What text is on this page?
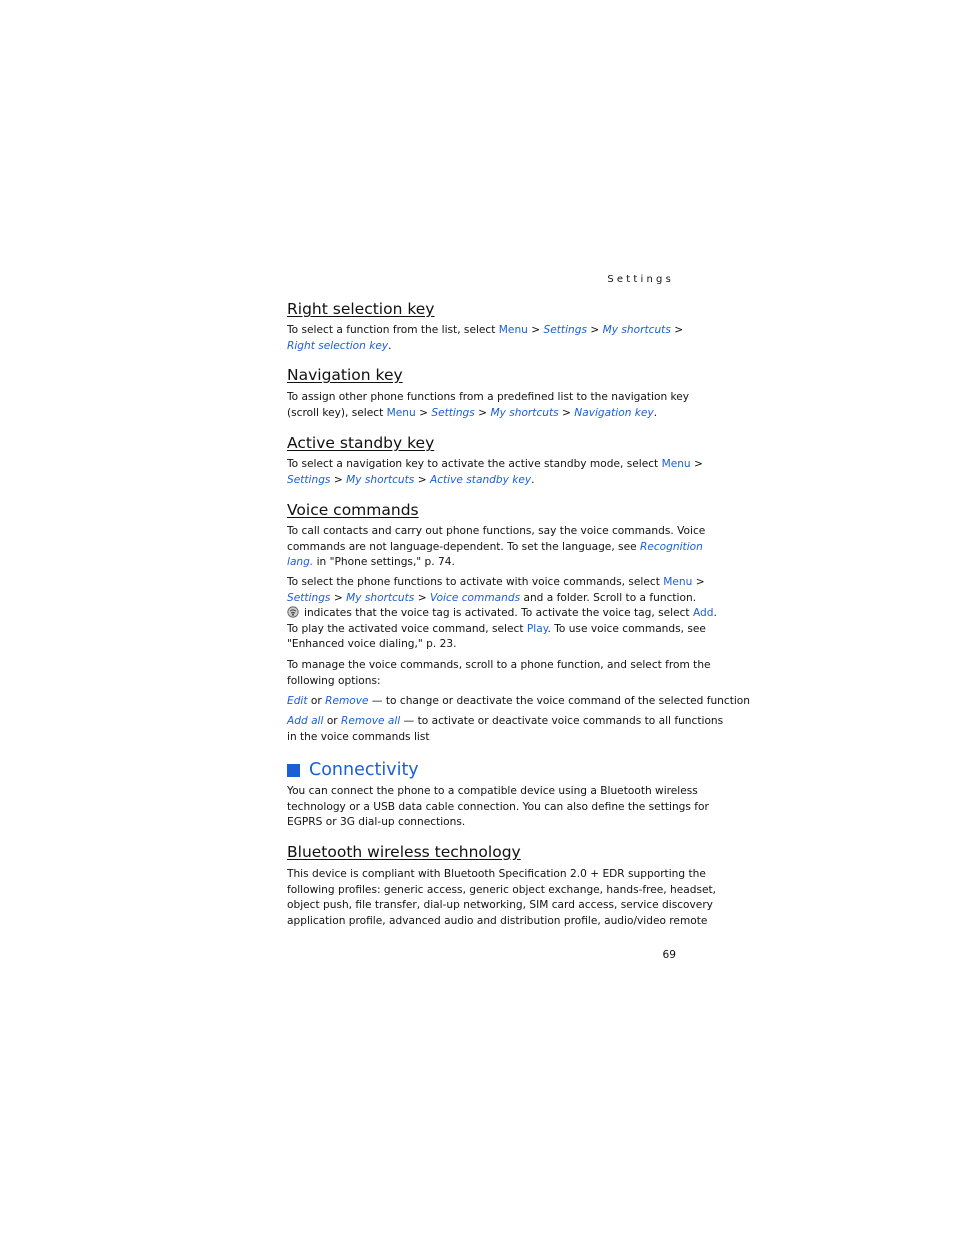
Settings
Right selection key
To select a function from the list, select Menu > Settings > My shortcuts >
Right selection key.
Navigation key
To assign other phone functions from a predefined list to the navigation key
(scroll key), select Menu > Settings > My shortcuts > Navigation key.
Active standby key
To select a navigation key to activate the active standby mode, select Menu >
Settings > My shortcuts > Active standby key.
Voice commands
To call contacts and carry out phone functions, say the voice commands. Voice
commands are not language-dependent. To set the language, see Recognition
lang. in "Phone settings," p. 74.
To select the phone functions to activate with voice commands, select Menu >
Settings > My shortcuts > Voice commands and a folder. Scroll to a function.
indicates that the voice tag is activated. To activate the voice tag, select Add.
To play the activated voice command, select Play. To use voice commands, see
"Enhanced voice dialing," p. 23.
To manage the voice commands, scroll to a phone function, and select from the
following options:
Edit or Remove — to change or deactivate the voice command of the selected function
Add all or Remove all — to activate or deactivate voice commands to all functions
in the voice commands list
Connectivity
You can connect the phone to a compatible device using a Bluetooth wireless
technology or a USB data cable connection. You can also define the settings for
EGPRS or 3G dial-up connections.
Bluetooth wireless technology
This device is compliant with Bluetooth Specification 2.0 + EDR supporting the
following profiles: generic access, generic object exchange, hands-free, headset,
object push, file transfer, dial-up networking, SIM card access, service discovery
application profile, advanced audio and distribution profile, audio/video remote
69
